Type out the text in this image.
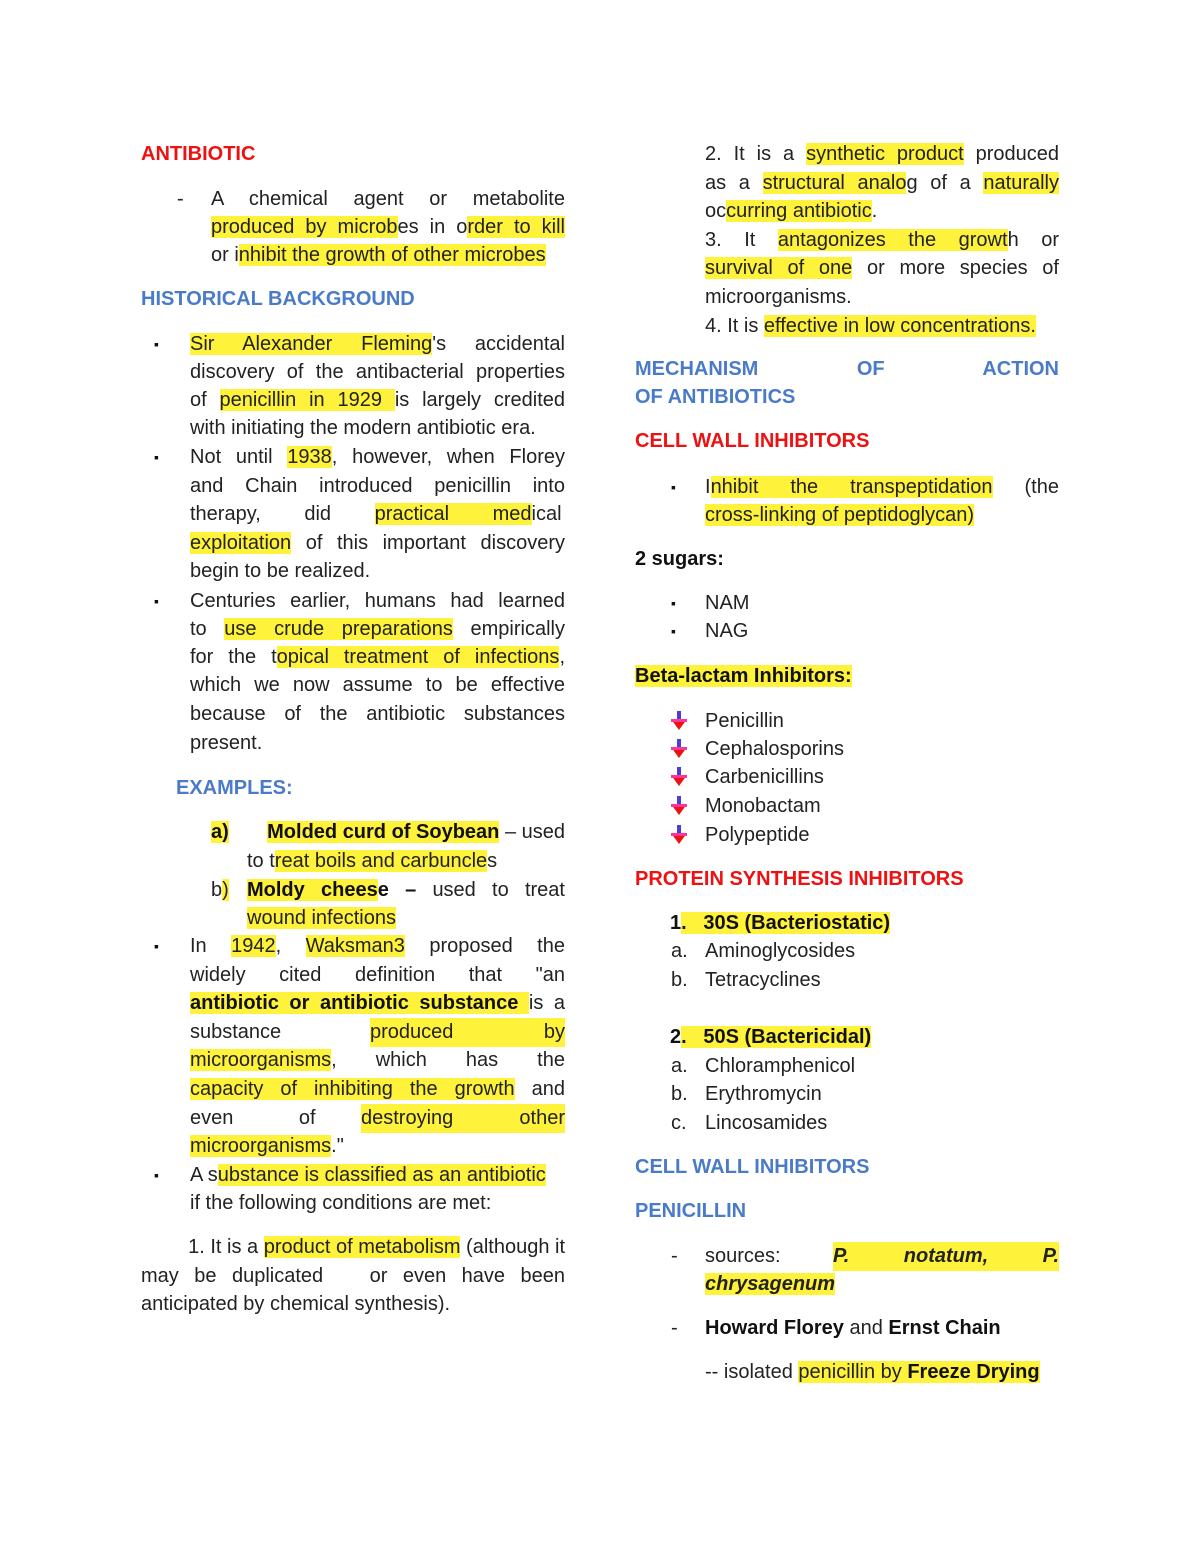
ANTIBIOTIC

- A chemical agent or metabolite

produced by microbes in order to kill

or inhibit the growth of other microbes

HISTORICAL BACKGROUND

▪ Sir Alexander Fleming's accidental

discovery of the antibacterial properties

of penicillin in 1929 is largely credited

with initiating the modern antibiotic era.

▪ Not until 1938, however, when Florey

and Chain introduced penicillin into

therapy, did practical medical

exploitation of this important discovery

begin to be realized.

▪ Centuries earlier, humans had learned

to use crude preparations empirically

for the topical treatment of infections,

which we now assume to be effective

because of the antibiotic substances

present.

EXAMPLES:

a)	Molded curd of Soybean – used

to treat boils and carbuncles

b) Moldy cheese – used to treat

wound infections

▪ In 1942, Waksman3 proposed the

widely cited definition that "an

antibiotic or antibiotic substance is a

substance	produced by

microorganisms, which has the

capacity of inhibiting the growth and

even ofdestroying other

microorganisms."

▪ A substance is classified as an antibiotic

if the following conditions are met:

1. It is a product of metabolism (although it

may be duplicated   or even have been

anticipated by chemical synthesis).

2. It is a synthetic product produced

as a structural analog of a naturally

occurring antibiotic.

3. It antagonizes the growth or

survival of one or more species of

microorganisms.

4. It is effective in low concentrations.

MECHANISM OF ACTION

OF ANTIBIOTICS

CELL WALL INHIBITORS

▪ Inhibit the transpeptidation (the

cross-linking of peptidoglycan)

2 sugars:

▪ NAM

▪ NAG

Beta-lactam Inhibitors:

Penicillin

Cephalosporins

Carbenicillins

Monobactam

Polypeptide

PROTEIN SYNTHESIS INHIBITORS

1.   30S (Bacteriostatic)

a. Aminoglycosides

b. Tetracyclines

2.   50S (Bactericidal)

a. Chloramphenicol

b. Erythromycin

c. Lincosamides

CELL WALL INHIBITORS

PENICILLIN

- sources:	P. notatum, P.

chrysagenum

- Howard Florey and Ernst Chain

-- isolated penicillin by Freeze Drying
